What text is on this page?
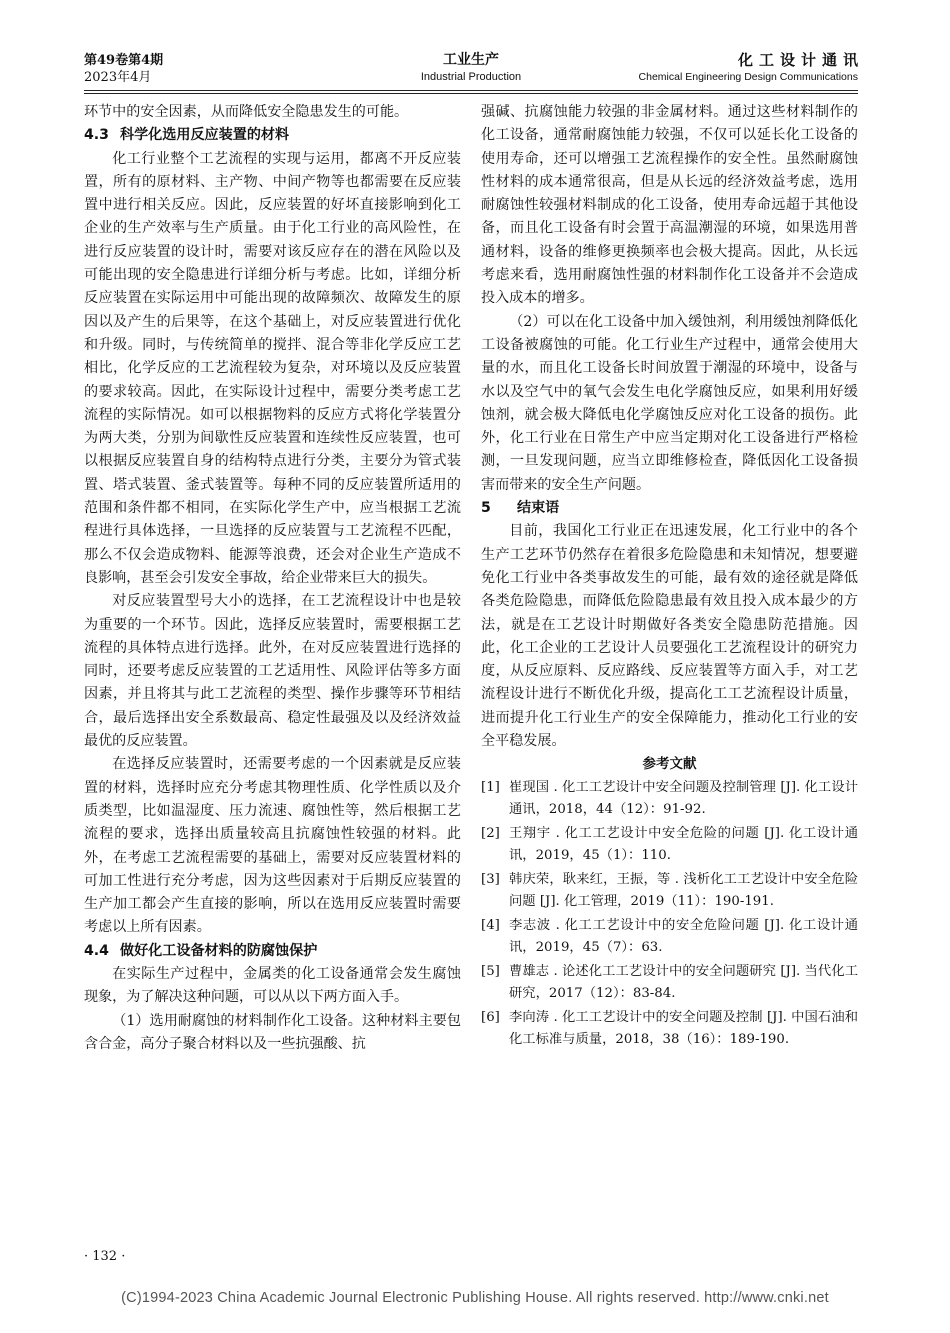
第49卷第4期
2023年4月
工业生产
Industrial Production
化工设计通讯
Chemical Engineering Design Communications

环节中的安全因素，从而降低安全隐患发生的可能。

4.3 科学化选用反应装置的材料

化工行业整个工艺流程的实现与运用，都离不开反应装置，所有的原材料、主产物、中间产物等也都需要在反应装置中进行相关反应。因此，反应装置的好坏直接影响到化工企业的生产效率与生产质量。由于化工行业的高风险性，在进行反应装置的设计时，需要对该反应存在的潜在风险以及可能出现的安全隐患进行详细分析与考虑。比如，详细分析反应装置在实际运用中可能出现的故障频次、故障发生的原因以及产生的后果等，在这个基础上，对反应装置进行优化和升级。同时，与传统简单的搅拌、混合等非化学反应工艺相比，化学反应的工艺流程较为复杂，对环境以及反应装置的要求较高。因此，在实际设计过程中，需要分类考虑工艺流程的实际情况。如可以根据物料的反应方式将化学装置分为两大类，分别为间歇性反应装置和连续性反应装置，也可以根据反应装置自身的结构特点进行分类，主要分为管式装置、塔式装置、釜式装置等。每种不同的反应装置所适用的范围和条件都不相同，在实际化学生产中，应当根据工艺流程进行具体选择，一旦选择的反应装置与工艺流程不匹配，那么不仅会造成物料、能源等浪费，还会对企业生产造成不良影响，甚至会引发安全事故，给企业带来巨大的损失。

对反应装置型号大小的选择，在工艺流程设计中也是较为重要的一个环节。因此，选择反应装置时，需要根据工艺流程的具体特点进行选择。此外，在对反应装置进行选择的同时，还要考虑反应装置的工艺适用性、风险评估等多方面因素，并且将其与此工艺流程的类型、操作步骤等环节相结合，最后选择出安全系数最高、稳定性最强及以及经济效益最优的反应装置。

在选择反应装置时，还需要考虑的一个因素就是反应装置的材料，选择时应充分考虑其物理性质、化学性质以及介质类型，比如温湿度、压力流速、腐蚀性等，然后根据工艺流程的要求，选择出质量较高且抗腐蚀性较强的材料。此外，在考虑工艺流程需要的基础上，需要对反应装置材料的可加工性进行充分考虑，因为这些因素对于后期反应装置的生产加工都会产生直接的影响，所以在选用反应装置时需要考虑以上所有因素。

4.4 做好化工设备材料的防腐蚀保护

在实际生产过程中，金属类的化工设备通常会发生腐蚀现象，为了解决这种问题，可以从以下两方面入手。

（1）选用耐腐蚀的材料制作化工设备。这种材料主要包含合金，高分子聚合材料以及一些抗强酸、抗

强碱、抗腐蚀能力较强的非金属材料。通过这些材料制作的化工设备，通常耐腐蚀能力较强，不仅可以延长化工设备的使用寿命，还可以增强工艺流程操作的安全性。虽然耐腐蚀性材料的成本通常很高，但是从长远的经济效益考虑，选用耐腐蚀性较强材料制成的化工设备，使用寿命远超于其他设备，而且化工设备有时会置于高温潮湿的环境，如果选用普通材料，设备的维修更换频率也会极大提高。因此，从长远考虑来看，选用耐腐蚀性强的材料制作化工设备并不会造成投入成本的增多。

（2）可以在化工设备中加入缓蚀剂，利用缓蚀剂降低化工设备被腐蚀的可能。化工行业生产过程中，通常会使用大量的水，而且化工设备长时间放置于潮湿的环境中，设备与水以及空气中的氧气会发生电化学腐蚀反应，如果利用好缓蚀剂，就会极大降低电化学腐蚀反应对化工设备的损伤。此外，化工行业在日常生产中应当定期对化工设备进行严格检测，一旦发现问题，应当立即维修检查，降低因化工设备损害而带来的安全生产问题。

5 结束语

目前，我国化工行业正在迅速发展，化工行业中的各个生产工艺环节仍然存在着很多危险隐患和未知情况，想要避免化工行业中各类事故发生的可能，最有效的途径就是降低各类危险隐患，而降低危险隐患最有效且投入成本最少的方法，就是在工艺设计时期做好各类安全隐患防范措施。因此，化工企业的工艺设计人员要强化工艺流程设计的研究力度，从反应原料、反应路线、反应装置等方面入手，对工艺流程设计进行不断优化升级，提高化工工艺流程设计质量，进而提升化工行业生产的安全保障能力，推动化工行业的安全平稳发展。

参考文献
[1] 崔现国 . 化工工艺设计中安全问题及控制管理 [J]. 化工设计通讯，2018，44（12）：91-92.
[2] 王翔宇 . 化工工艺设计中安全危险的问题 [J]. 化工设计通讯，2019，45（1）：110.
[3] 韩庆荣，耿来红，王振，等 . 浅析化工工艺设计中安全危险问题 [J]. 化工管理，2019（11）：190-191.
[4] 李志波 . 化工工艺设计中的安全危险问题 [J]. 化工设计通讯，2019，45（7）：63.
[5] 曹雄志 . 论述化工工艺设计中的安全问题研究 [J]. 当代化工研究，2017（12）：83-84.
[6] 李向涛 . 化工工艺设计中的安全问题及控制 [J]. 中国石油和化工标准与质量，2018，38（16）：189-190.
· 132 ·
(C)1994-2023 China Academic Journal Electronic Publishing House. All rights reserved. http://www.cnki.net
